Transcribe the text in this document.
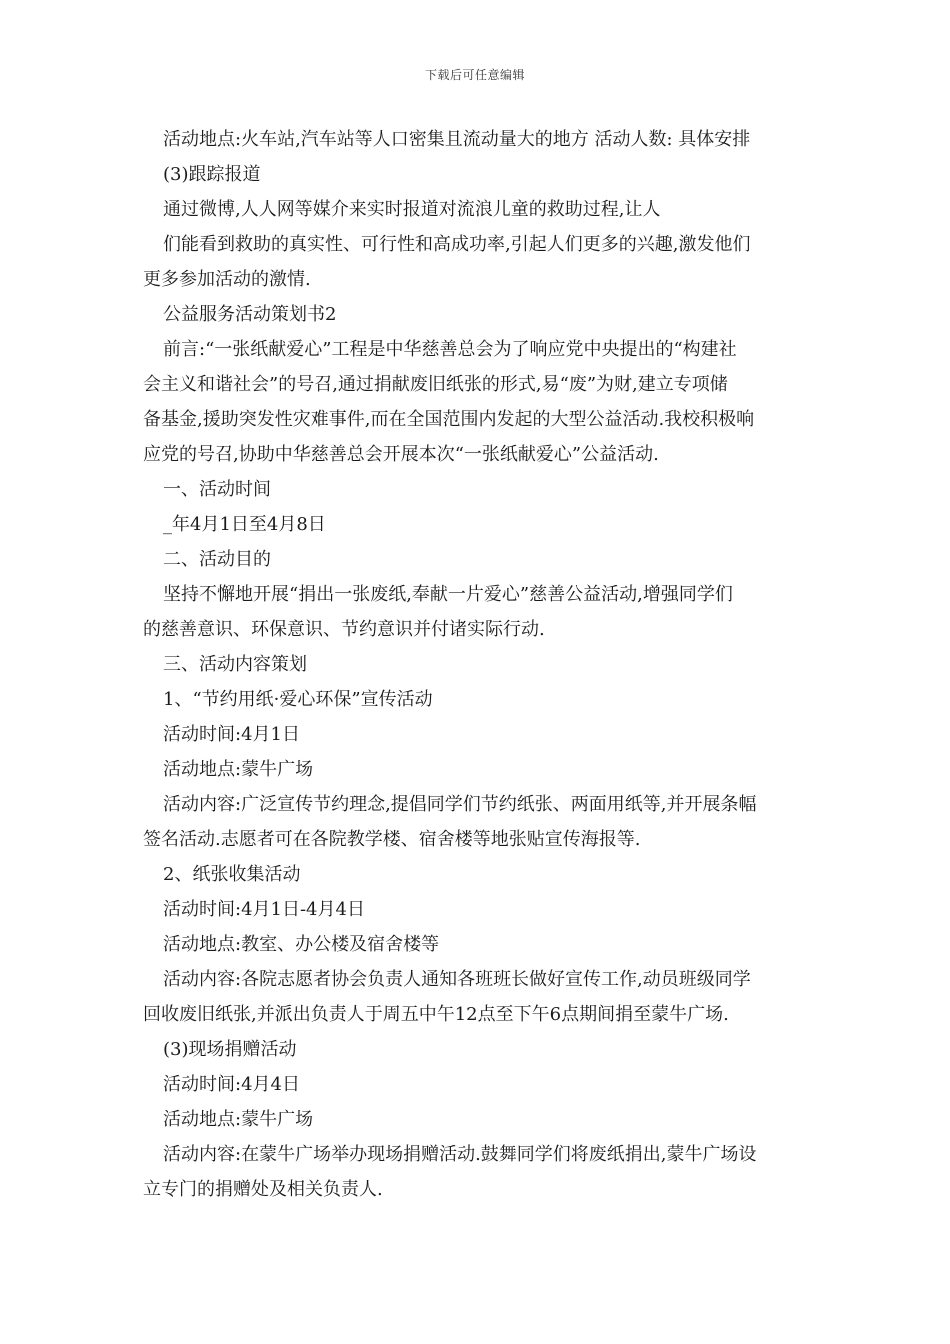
下载后可任意编辑
活动地点:火车站,汽车站等人口密集且流动量大的地方 活动人数: 具体安排
(3)跟踪报道
通过微博,人人网等媒介来实时报道对流浪儿童的救助过程,让人
们能看到救助的真实性、可行性和高成功率,引起人们更多的兴趣,激发他们
更多参加活动的激情.
公益服务活动策划书2
前言:“一张纸献爱心”工程是中华慈善总会为了响应党中央提出的“构建社
会主义和谐社会”的号召,通过捐献废旧纸张的形式,易“废”为财,建立专项储
备基金,援助突发性灾难事件,而在全国范围内发起的大型公益活动.我校积极响
应党的号召,协助中华慈善总会开展本次“一张纸献爱心”公益活动.
一、活动时间
_年4月1日至4月8日
二、活动目的
坚持不懈地开展“捐出一张废纸,奉献一片爱心”慈善公益活动,增强同学们
的慈善意识、环保意识、节约意识并付诸实际行动.
三、活动内容策划
1、“节约用纸·爱心环保”宣传活动
活动时间:4月1日
活动地点:蒙牛广场
活动内容:广泛宣传节约理念,提倡同学们节约纸张、两面用纸等,并开展条幅
签名活动.志愿者可在各院教学楼、宿舍楼等地张贴宣传海报等.
2、纸张收集活动
活动时间:4月1日-4月4日
活动地点:教室、办公楼及宿舍楼等
活动内容:各院志愿者协会负责人通知各班班长做好宣传工作,动员班级同学
回收废旧纸张,并派出负责人于周五中午12点至下午6点期间捐至蒙牛广场.
(3)现场捐赠活动
活动时间:4月4日
活动地点:蒙牛广场
活动内容:在蒙牛广场举办现场捐赠活动.鼓舞同学们将废纸捐出,蒙牛广场设
立专门的捐赠处及相关负责人.
